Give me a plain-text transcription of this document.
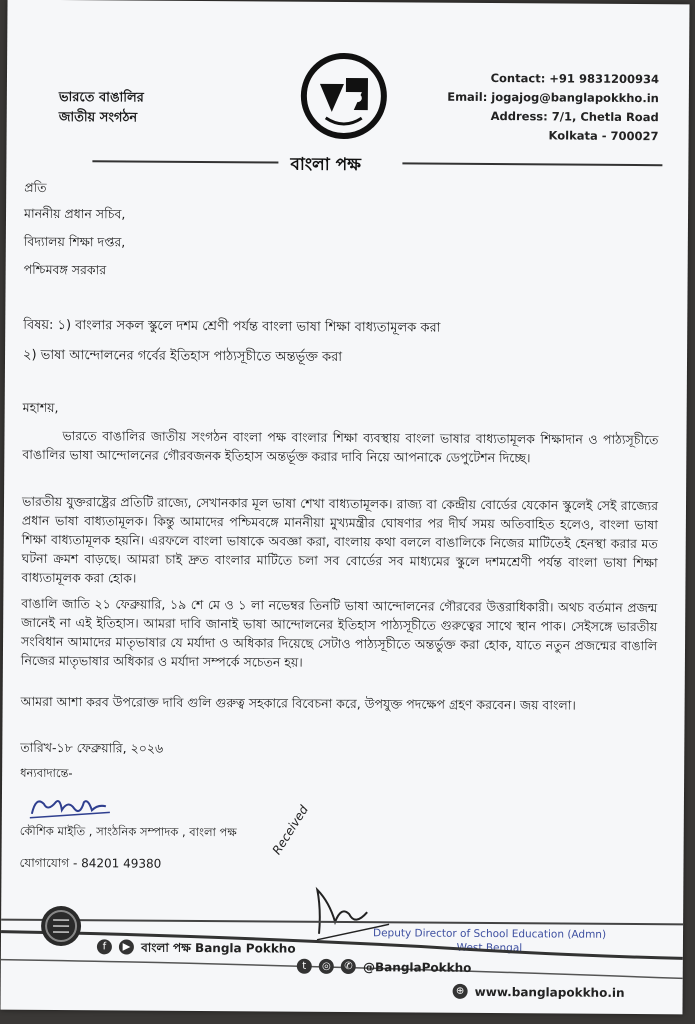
ভারতে বাঙালির
জাতীয় সংগঠন
বাংলা পক্ষ
Contact: +91 9831200934
Email: jogajog@banglapokkho.in
Address: 7/1, Chetla Road
Kolkata - 700027
প্রতি
মাননীয় প্রধান সচিব,
বিদ্যালয় শিক্ষা দপ্তর,
পশ্চিমবঙ্গ সরকার
বিষয়: ১) বাংলার সকল স্কুলে দশম শ্রেণী পর্যন্ত বাংলা ভাষা শিক্ষা বাধ্যতামূলক করা
২) ভাষা আন্দোলনের গর্বের ইতিহাস পাঠ্যসূচীতে অন্তর্ভূক্ত করা
মহাশয়,
ভারতে বাঙালির জাতীয় সংগঠন বাংলা পক্ষ বাংলার শিক্ষা ব্যবস্থায় বাংলা ভাষার বাধ্যতামূলক শিক্ষাদান ও পাঠ্যসূচীতে বাঙালির ভাষা আন্দোলনের গৌরবজনক ইতিহাস অন্তর্ভূক্ত করার দাবি নিয়ে আপনাকে ডেপুটেশন দিচ্ছে।
ভারতীয় যুক্তরাষ্ট্রের প্রতিটি রাজ্যে, সেখানকার মূল ভাষা শেখা বাধ্যতামূলক। রাজ্য বা কেন্দ্রীয় বোর্ডের যেকোন স্কুলেই সেই রাজ্যের প্রধান ভাষা বাধ্যতামূলক। কিন্তু আমাদের পশ্চিমবঙ্গে মাননীয়া মুখ্যমন্ত্রীর ঘোষণার পর দীর্ঘ সময় অতিবাহিত হলেও, বাংলা ভাষা শিক্ষা বাধ্যতামূলক হয়নি। এরফলে বাংলা ভাষাকে অবজ্ঞা করা, বাংলায় কথা বললে বাঙালিকে নিজের মাটিতেই হেনস্থা করার মত ঘটনা ক্রমশ বাড়ছে। আমরা চাই দ্রুত বাংলার মাটিতে চলা সব বোর্ডের সব মাধ্যমের স্কুলে দশমশ্রেণী পর্যন্ত বাংলা ভাষা শিক্ষা বাধ্যতামূলক করা হোক।
বাঙালি জাতি ২১ ফেব্রুয়ারি, ১৯ শে মে ও ১ লা নভেম্বর তিনটি ভাষা আন্দোলনের গৌরবের উত্তরাধিকারী। অথচ বর্তমান প্রজন্ম জানেই না এই ইতিহাস। আমরা দাবি জানাই ভাষা আন্দোলনের ইতিহাস পাঠ্যসূচীতে গুরুত্বের সাথে স্থান পাক। সেইসঙ্গে ভারতীয় সংবিধান আমাদের মাতৃভাষার যে মর্যাদা ও অধিকার দিয়েছে সেটাও পাঠ্যসূচীতে অন্তর্ভুক্ত করা হোক, যাতে নতুন প্রজন্মের বাঙালি নিজের মাতৃভাষার অধিকার ও মর্যাদা সম্পর্কে সচেতন হয়।
আমরা আশা করব উপরোক্ত দাবি গুলি গুরুত্ব সহকারে বিবেচনা করে, উপযুক্ত পদক্ষেপ গ্রহণ করবেন। জয় বাংলা।
তারিখ-১৮ ফেব্রুয়ারি, ২০২৬
ধন্যবাদান্তে-
কৌশিক মাইতি , সাংঠনিক সম্পাদক , বাংলা পক্ষ
যোগাযোগ - 84201 49380
Received
Deputy Director of School Education (Admn)
West Bengal
f ▶ বাংলা পক্ষ Bangla Pokkho
t ◎ ✆ @BanglaPokkho
⊕ www.banglapokkho.in
